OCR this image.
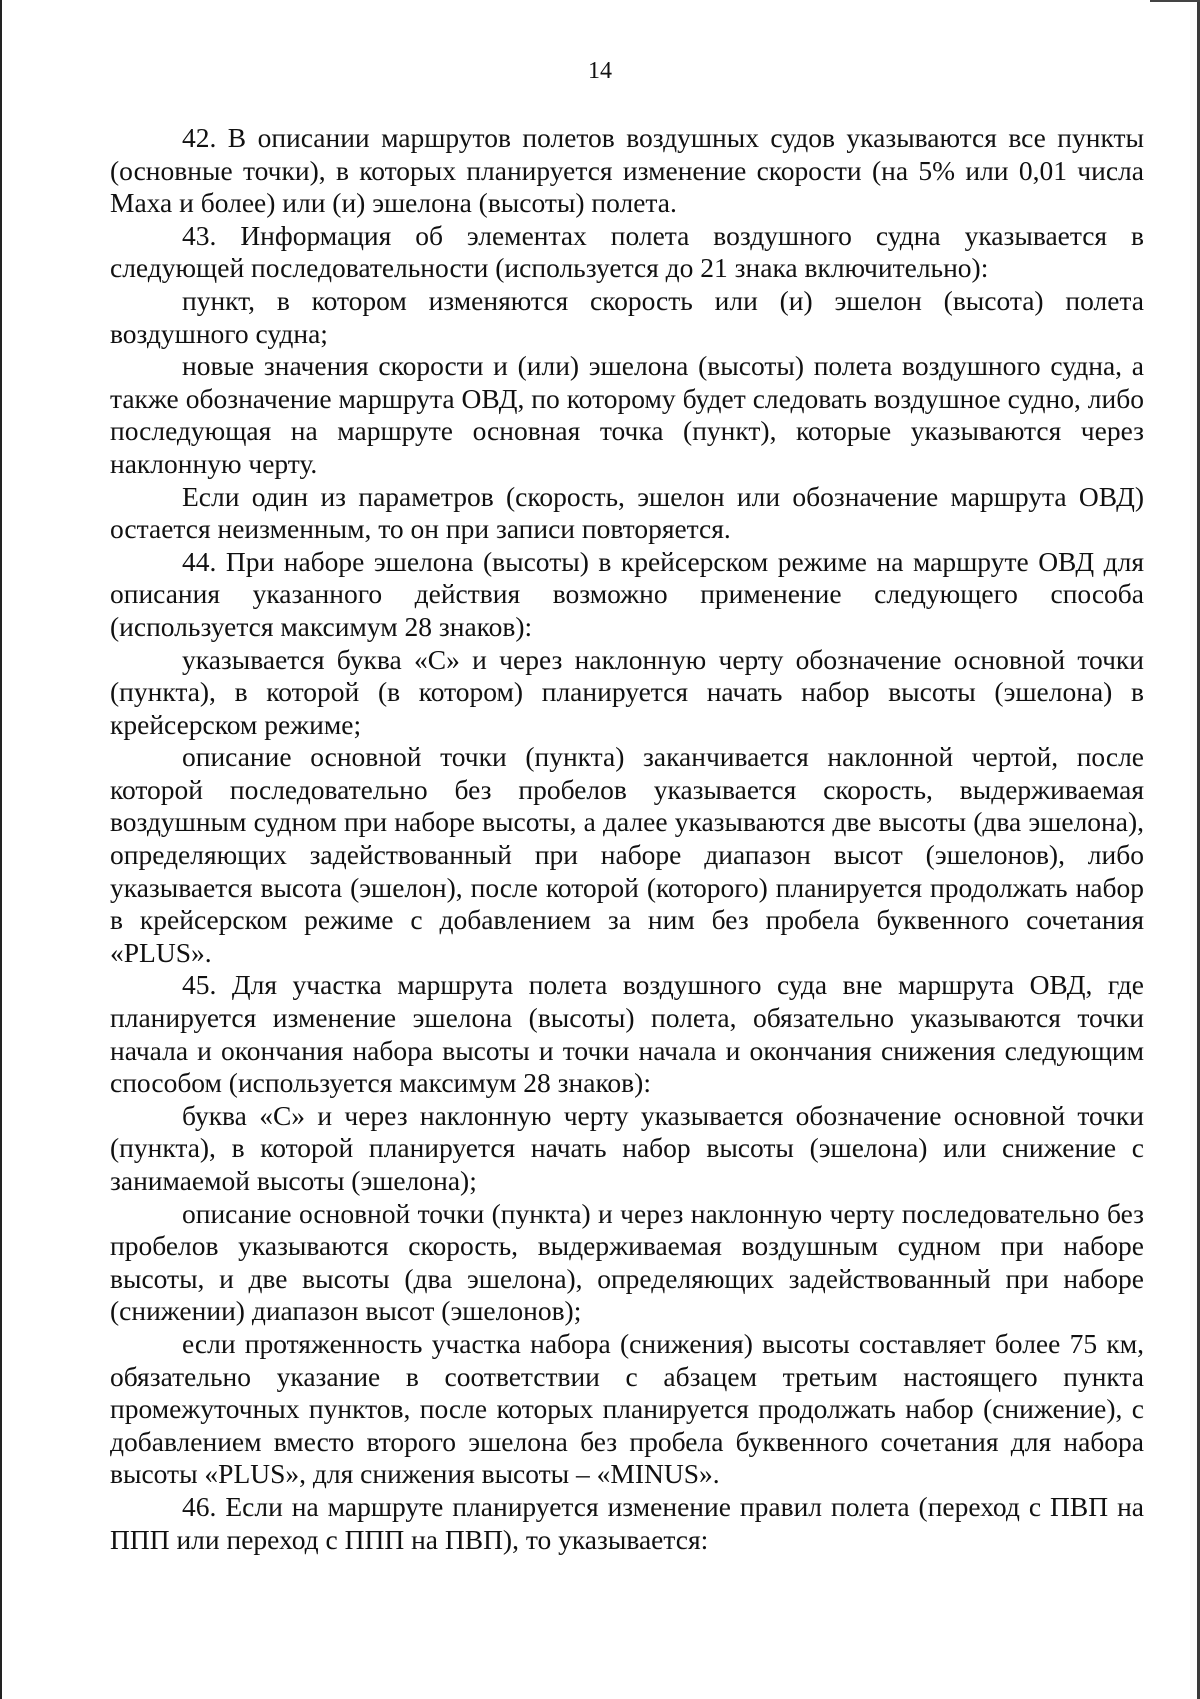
14

42. В описании маршрутов полетов воздушных судов указываются все пункты (основные точки), в которых планируется изменение скорости (на 5% или 0,01 числа Маха и более) или (и) эшелона (высоты) полета.

43. Информация об элементах полета воздушного судна указывается в следующей последовательности (используется до 21 знака включительно):

пункт, в котором изменяются скорость или (и) эшелон (высота) полета воздушного судна;

новые значения скорости и (или) эшелона (высоты) полета воздушного судна, а также обозначение маршрута ОВД, по которому будет следовать воздушное судно, либо последующая на маршруте основная точка (пункт), которые указываются через наклонную черту.

Если один из параметров (скорость, эшелон или обозначение маршрута ОВД) остается неизменным, то он при записи повторяется.

44. При наборе эшелона (высоты) в крейсерском режиме на маршруте ОВД для описания указанного действия возможно применение следующего способа (используется максимум 28 знаков):

указывается буква «С» и через наклонную черту обозначение основной точки (пункта), в которой (в котором) планируется начать набор высоты (эшелона) в крейсерском режиме;

описание основной точки (пункта) заканчивается наклонной чертой, после которой последовательно без пробелов указывается скорость, выдерживаемая воздушным судном при наборе высоты, а далее указываются две высоты (два эшелона), определяющих задействованный при наборе диапазон высот (эшелонов), либо указывается высота (эшелон), после которой (которого) планируется продолжать набор в крейсерском режиме с добавлением за ним без пробела буквенного сочетания «PLUS».

45. Для участка маршрута полета воздушного суда вне маршрута ОВД, где планируется изменение эшелона (высоты) полета, обязательно указываются точки начала и окончания набора высоты и точки начала и окончания снижения следующим способом (используется максимум 28 знаков):

буква «С» и через наклонную черту указывается обозначение основной точки (пункта), в которой планируется начать набор высоты (эшелона) или снижение с занимаемой высоты (эшелона);

описание основной точки (пункта) и через наклонную черту последовательно без пробелов указываются скорость, выдерживаемая воздушным судном при наборе высоты, и две высоты (два эшелона), определяющих задействованный при наборе (снижении) диапазон высот (эшелонов);

если протяженность участка набора (снижения) высоты составляет более 75 км, обязательно указание в соответствии с абзацем третьим настоящего пункта промежуточных пунктов, после которых планируется продолжать набор (снижение), с добавлением вместо второго эшелона без пробела буквенного сочетания для набора высоты «PLUS», для снижения высоты – «MINUS».

46. Если на маршруте планируется изменение правил полета (переход с ПВП на ППП или переход с ППП на ПВП), то указывается:
